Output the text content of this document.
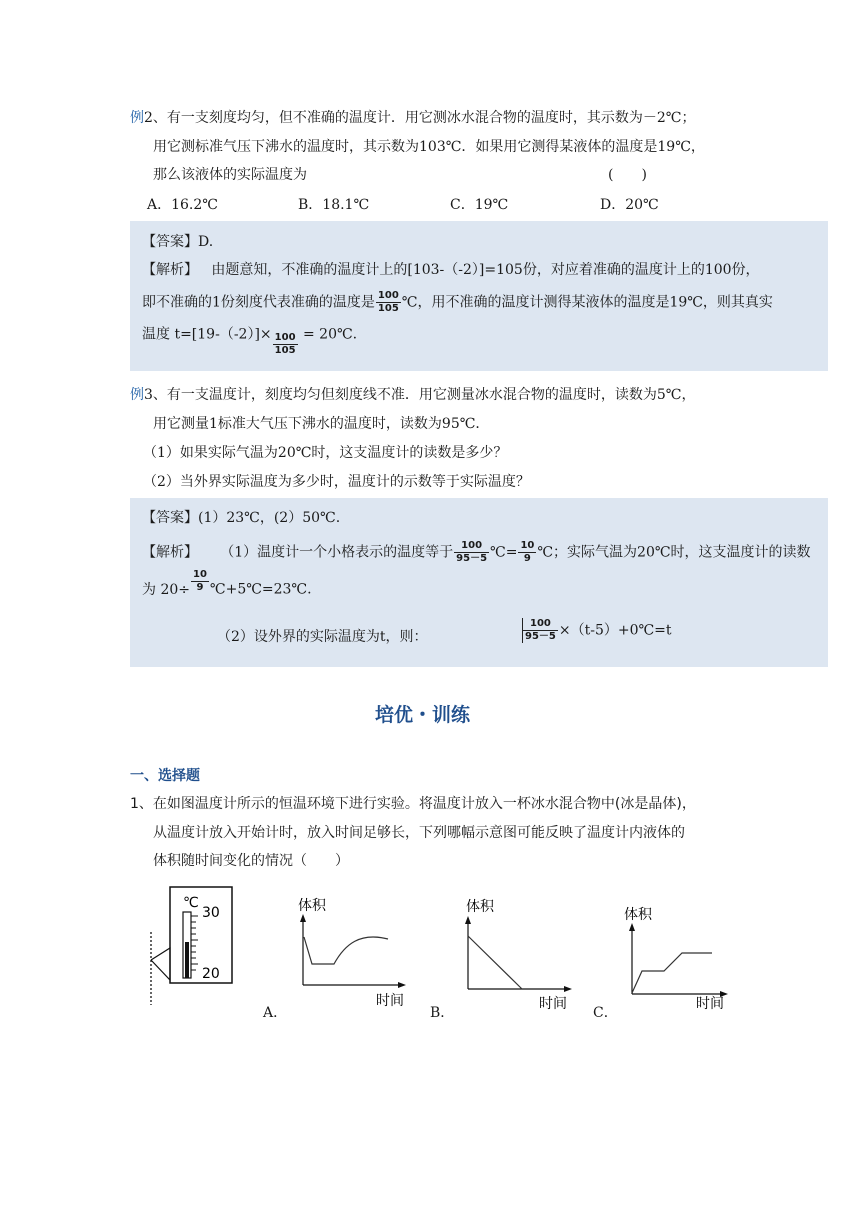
例2、有一支刻度均匀，但不准确的温度计．用它测冰水混合物的温度时，其示数为－2℃；
用它测标准气压下沸水的温度时，其示数为103℃．如果用它测得某液体的温度是19℃，
那么该液体的实际温度为	(　　)
A．16.2℃	B．18.1℃	C．19℃	D．20℃
【答案】D.
【解析】 由题意知，不准确的温度计上的[103-（-2）]=105份，对应着准确的温度计上的100份，
即不准确的1份刻度代表准确的温度是 $\frac{100}{105}$ ℃，用不准确的温度计测得某液体的温度是19℃，则其真实
温度 $t=[19-(-2)]\times \frac{100}{105}$ = 20℃.
例3、有一支温度计，刻度均匀但刻度线不准．用它测量冰水混合物的温度时，读数为5℃，
用它测量1标准大气压下沸水的温度时，读数为95℃．
（1）如果实际气温为20℃时，这支温度计的读数是多少？
（2）当外界实际温度为多少时，温度计的示数等于实际温度？
【答案】(1）23℃，(2）50℃.
【解析】 （1）温度计一个小格表示的温度等于 $\frac{100}{95-5}$ ℃= $\frac{10}{9}$ ℃；实际气温为20℃时，这支温度计的读数
为 $20\div \frac{10}{9}$ ℃+5℃=23℃.
（2）设外界的实际温度为t，则：	$\frac{100}{95-5}$ ×（t-5）+0℃=t
培优・训练
一、选择题
1、在如图温度计所示的恒温环境下进行实验。将温度计放入一杯冰水混合物中(冰是晶体)，
从温度计放入开始计时，放入时间足够长，下列哪幅示意图可能反映了温度计内液体的
体积随时间变化的情况（　　）
℃
30
20
体积
时间
A．
体积
时间
B．
体积
时间
C．
